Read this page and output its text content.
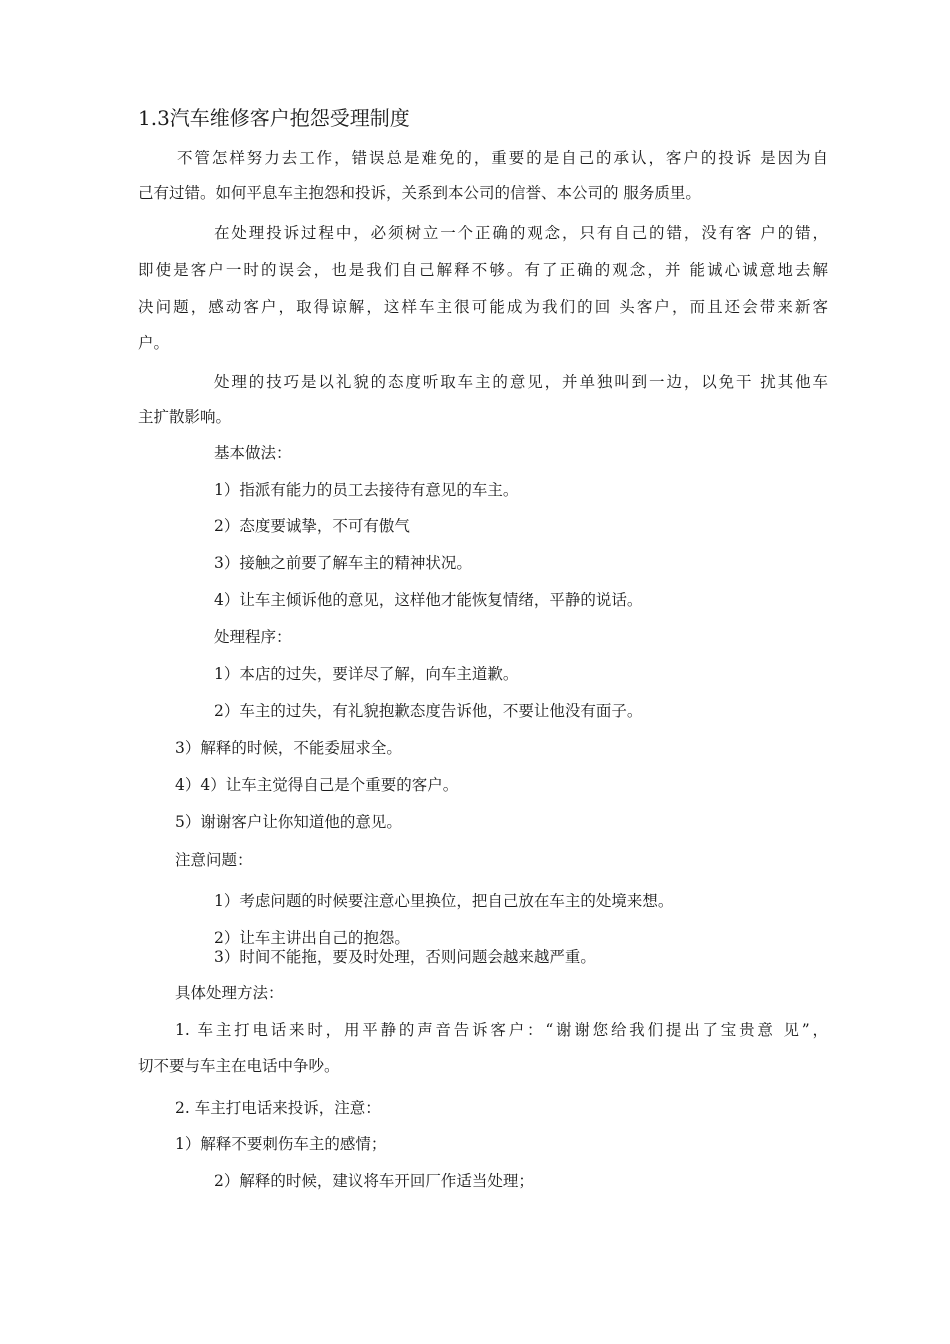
1.3汽车维修客户抱怨受理制度
不管怎样努力去工作，错误总是难免的，重要的是自己的承认，客户的投诉 是因为自
己有过错。如何平息车主抱怨和投诉，关系到本公司的信誉、本公司的 服务质里。
在处理投诉过程中，必须树立一个正确的观念，只有自己的错，没有客 户的错，
即使是客户一时的误会，也是我们自己解释不够。有了正确的观念，并 能诚心诚意地去解
决问题，感动客户，取得谅解，这样车主很可能成为我们的回 头客户，而且还会带来新客
户。
处理的技巧是以礼貌的态度听取车主的意见，并单独叫到一边，以免干 扰其他车
主扩散影响。
基本做法：
1）指派有能力的员工去接待有意见的车主。
2）态度要诚挚，不可有傲气
3）接触之前要了解车主的精神状况。
4）让车主倾诉他的意见，这样他才能恢复情绪，平静的说话。
处理程序：
1）本店的过失，要详尽了解，向车主道歉。
2）车主的过失，有礼貌抱歉态度告诉他，不要让他没有面子。
3）解释的时候，不能委屈求全。
4）4）让车主觉得自己是个重要的客户。
5）谢谢客户让你知道他的意见。
注意问题：
1）考虑问题的时候要注意心里换位，把自己放在车主的处境来想。
2）让车主讲出自己的抱怨。
3）时间不能拖，要及时处理，否则问题会越来越严重。
具体处理方法：
1. 车主打电话来时，用平静的声音告诉客户：“谢谢您给我们提出了宝贵意 见”，
切不要与车主在电话中争吵。
2. 车主打电话来投诉，注意：
1）解释不要刺伤车主的感情；
2）解释的时候，建议将车开回厂作适当处理；
